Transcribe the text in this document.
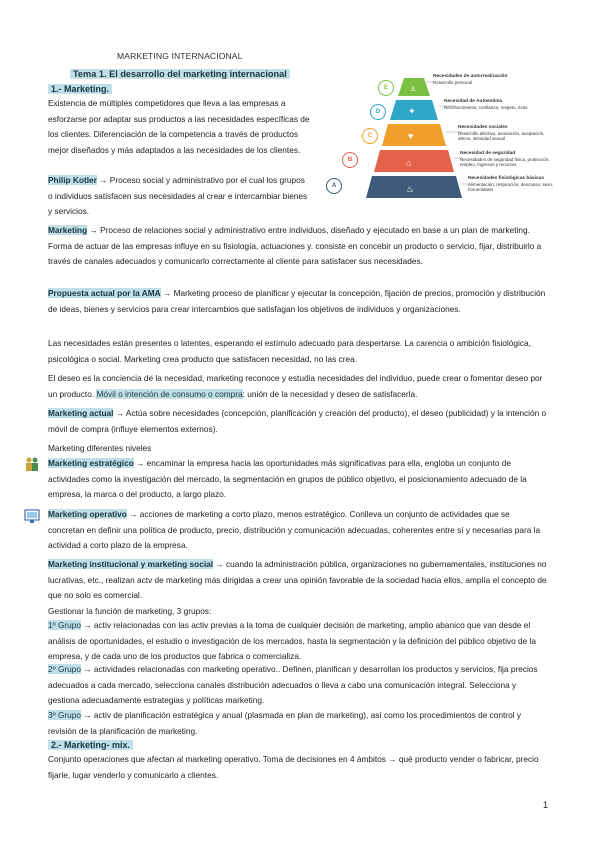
MARKETING INTERNACIONAL
Tema 1. El desarrollo del marketing internacional
1.- Marketing.

Existencia de múltiples competidores que lleva a las empresas a esforzarse por adaptar sus productos a las necesidades específicas de los clientes. Diferenciación de la competencia a través de productos mejor diseñados y más adaptados a las necesidades de los clientes.

Philip Kotler → Proceso social y administrativo por el cual los grupos o individuos satisfacen sus necesidades al crear e intercambiar bienes y servicios.

♙
✦
♥
⌂
♨
E
D
C
B
A
Necesidades de autorrealización
Desarrollo personal
Necesidad de Autoestima
Reconocimiento, confianza, respeto, éxito
Necesidades sociales
Desarrollo afectivo, asociación, aceptación, afecto, intimidad sexual
Necesidad de seguridad
Necesidades de seguridad física, protección, empleo, Ingresos y recursos
Necesidades fisiológicas básicas
Alimentación, respiración, descanso, sexo, homeostasis

Marketing → Proceso de relaciones social y administrativo entre individuos, diseñado y ejecutado en base a un plan de marketing. Forma de actuar de las empresas influye en su fisiología, actuaciones y. consiste en concebir un producto o servicio, fijar, distribuirlo a través de canales adecuados y comunicarlo correctamente al cliente para satisfacer sus necesidades.

Propuesta actual por la AMA → Marketing proceso de planificar y ejecutar la concepción, fijación de precios, promoción y distribución de ideas, bienes y servicios para crear intercambios que satisfagan los objetivos de individuos y organizaciones.

Las necesidades están presentes o latentes, esperando el estímulo adecuado para despertarse. La carencia o ambición fisiológica, psicológica o social. Marketing crea producto que satisfacen necesidad, no las crea.

El deseo es la conciencia de la necesidad, marketing reconoce y estudia necesidades del individuo, puede crear o fomentar deseo por un producto. Móvil o intención de consumo o compra: unión de la necesidad y deseo de satisfacerla.

Marketing actual → Actúa sobre necesidades (concepción, planificación y creación del producto), el deseo (publicidad) y la intención o móvil de compra (influye elementos externos).

Marketing diferentes niveles

Marketing estratégico → encaminar la empresa hacia las oportunidades más significativas para ella, engloba un conjunto de actividades como la investigación del mercado, la segmentación en grupos de público objetivo, el posicionamiento adecuado de la empresa, la marca o del producto, a largo plazo.

Marketing operativo → acciones de marketing a corto plazo, menos estratégico. Conlleva un conjunto de actividades que se concretan en definir una política de producto, precio, distribución y comunicación adecuadas, coherentes entre sí y necesarias para la actividad a corto plazo de la empresa.

Marketing institucional y marketing social → cuando la administración pública, organizaciones no gubernamentales, instituciones no lucrativas, etc., realizan actv de marketing más dirigidas a crear una opinión favorable de la sociedad hacia ellos, amplía el concepto de que no solo es comercial.

Gestionar la función de marketing, 3 grupos:

1º Grupo → activ relacionadas con las activ previas a la toma de cualquier decisión de marketing, amplio abanico que van desde el análisis de oportunidades, el estudio o investigación de los mercados, hasta la segmentación y la definición del público objetivo de la empresa, y de cada uno de los productos que fabrica o comercializa.

2º Grupo → actividades relacionadas con marketing operativo.. Definen, planifican y desarrollan los productos y servicios, fija precios adecuados a cada mercado, selecciona canales distribución adecuados o lleva a cabo una comunicación integral. Selecciona y gestiona adecuadamente estrategias y políticas marketing.

3º Grupo → activ de planificación estratégica y anual (plasmada en plan de marketing), así como los procedimientos de control y revisión de la planificación de marketing.

2.- Marketing- mix.

Conjunto operaciones que afectan al marketing operativo. Toma de decisiones en 4 ámbitos → qué producto vender o fabricar, precio fijarle, lugar venderlo y comunicarlo a clientes.

1
